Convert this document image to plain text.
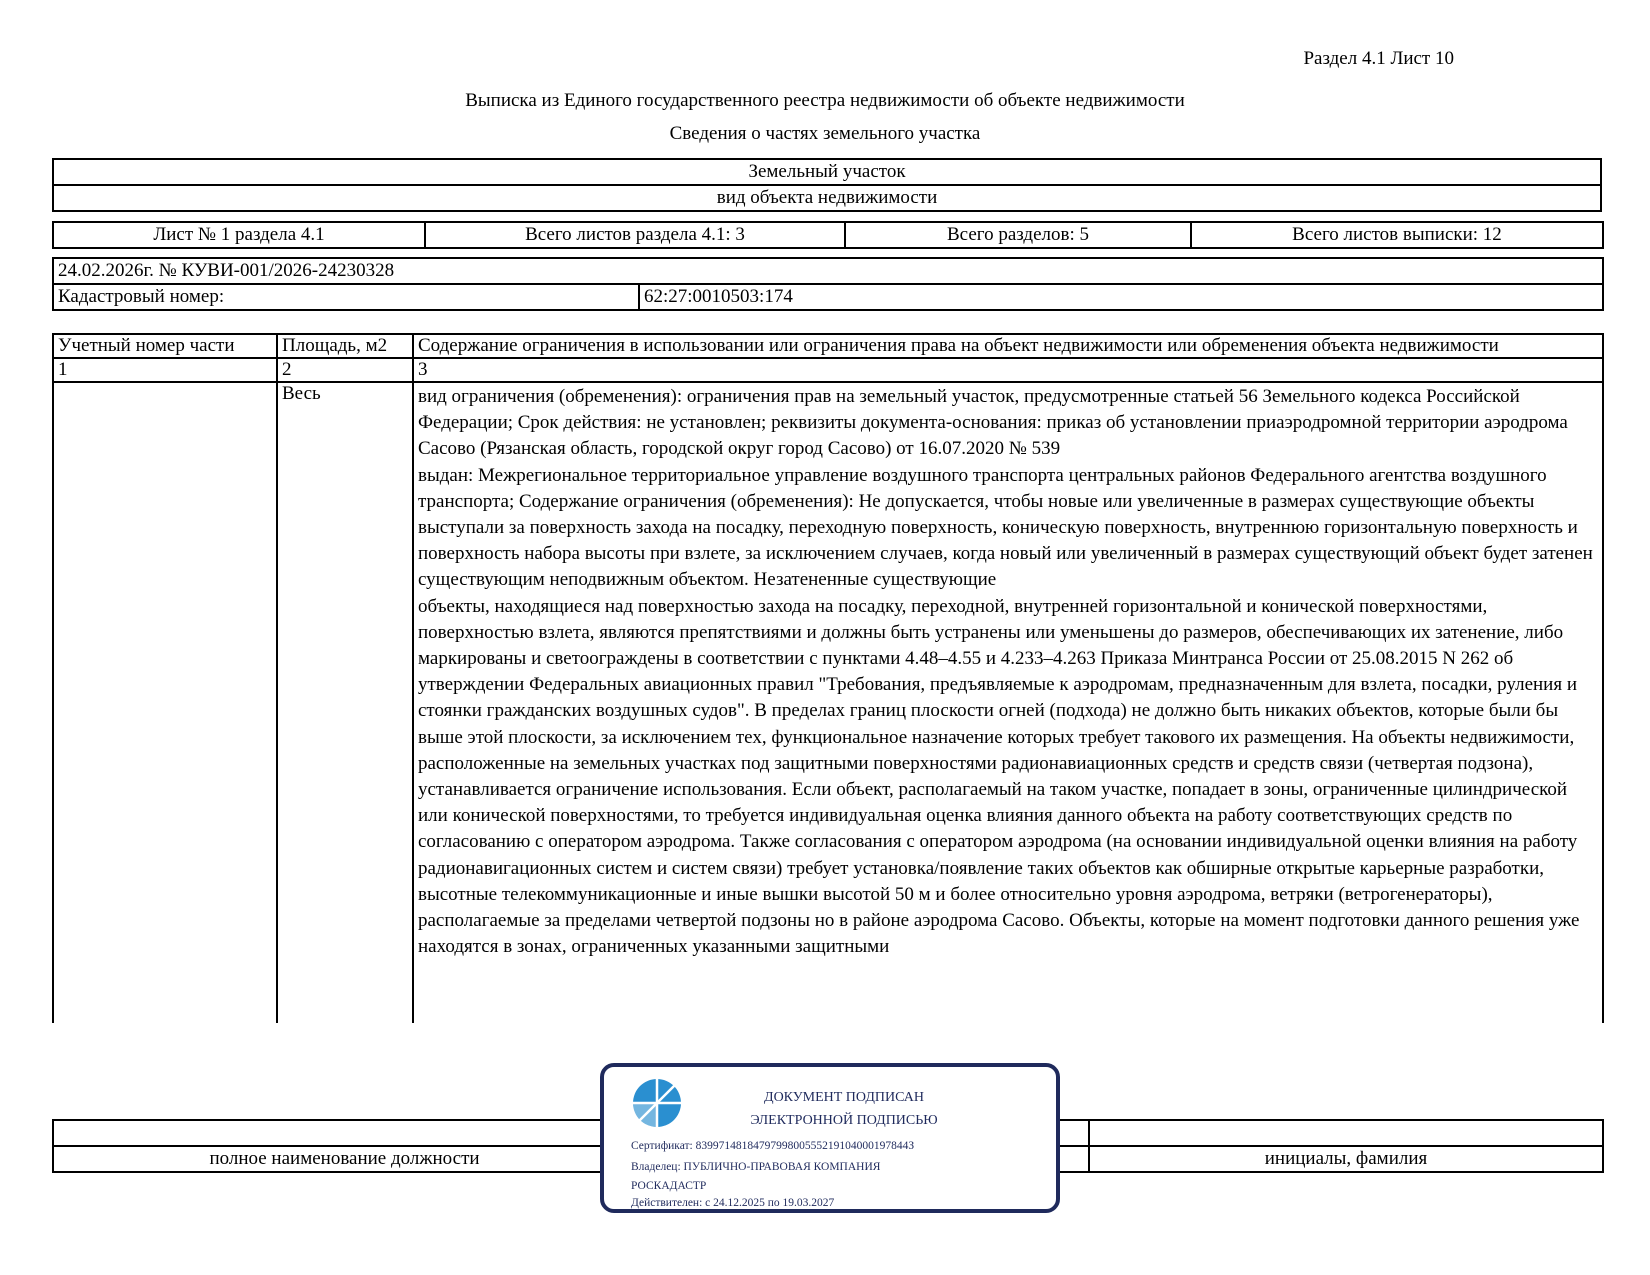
Раздел 4.1 Лист 10
Выписка из Единого государственного реестра недвижимости об объекте недвижимости
Сведения о частях земельного участка
Земельный участок
вид объекта недвижимости
Лист № 1 раздела 4.1	Всего листов раздела 4.1: 3	Всего разделов: 5	Всего листов выписки: 12
24.02.2026г. № КУВИ-001/2026-24230328
Кадастровый номер:	62:27:0010503:174
Учетный номер части	Площадь, м2	Содержание ограничения в использовании или ограничения права на объект недвижимости или обременения объекта недвижимости
1	2	3
	Весь	вид ограничения (обременения): ограничения прав на земельный участок, предусмотренные статьей 56 Земельного кодекса Российской Федерации; Срок действия: не установлен; реквизиты документа-основания: приказ об установлении приаэродромной территории аэродрома Сасово (Рязанская область, городской округ город Сасово) от 16.07.2020 № 539
выдан: Межрегиональное территориальное управление воздушного транспорта центральных районов Федерального агентства воздушного транспорта; Содержание ограничения (обременения): Не допускается, чтобы новые или увеличенные в размерах существующие объекты выступали за поверхность захода на посадку, переходную поверхность, коническую поверхность, внутреннюю горизонтальную поверхность и поверхность набора высоты при взлете, за исключением случаев, когда новый или увеличенный в размерах существующий объект будет затенен существующим неподвижным объектом. Незатененные существующие
объекты, находящиеся над поверхностью захода на посадку, переходной, внутренней горизонтальной и конической поверхностями, поверхностью взлета, являются препятствиями и должны быть устранены или уменьшены до размеров, обеспечивающих их затенение, либо маркированы и светоограждены в соответствии с пунктами 4.48–4.55 и 4.233–4.263 Приказа Минтранса России от 25.08.2015 N 262 об утверждении Федеральных авиационных правил "Требования, предъявляемые к аэродромам, предназначенным для взлета, посадки, руления и стоянки гражданских воздушных судов". В пределах границ плоскости огней (подхода) не должно быть никаких объектов, которые были бы выше этой плоскости, за исключением тех, функциональное назначение которых требует такового их размещения. На объекты недвижимости, расположенные на земельных участках под защитными поверхностями радионавиационных средств и средств связи (четвертая подзона), устанавливается ограничение использования. Если объект, располагаемый на таком участке, попадает в зоны, ограниченные цилиндрической или конической поверхностями, то требуется индивидуальная оценка влияния данного объекта на работу соответствующих средств по согласованию с оператором аэродрома. Также согласования с оператором аэродрома (на основании индивидуальной оценки влияния на работу радионавигационных систем и систем связи) требует установка/появление таких объектов как обширные открытые карьерные разработки, высотные телекоммуникационные и иные вышки высотой 50 м и более относительно уровня аэродрома, ветряки (ветрогенераторы), располагаемые за пределами четвертой подзоны но в районе аэродрома Сасово. Объекты, которые на момент подготовки данного решения уже находятся в зонах, ограниченных указанными защитными

полное наименование должности		инициалы, фамилия
ДОКУМЕНТ ПОДПИСАН
ЭЛЕКТРОННОЙ ПОДПИСЬЮ
Сертификат: 8399714818479799800555219104000197844З
Владелец: ПУБЛИЧНО-ПРАВОВАЯ КОМПАНИЯ
РОСКАДАСТР
Действителен: с 24.12.2025 по 19.03.2027
